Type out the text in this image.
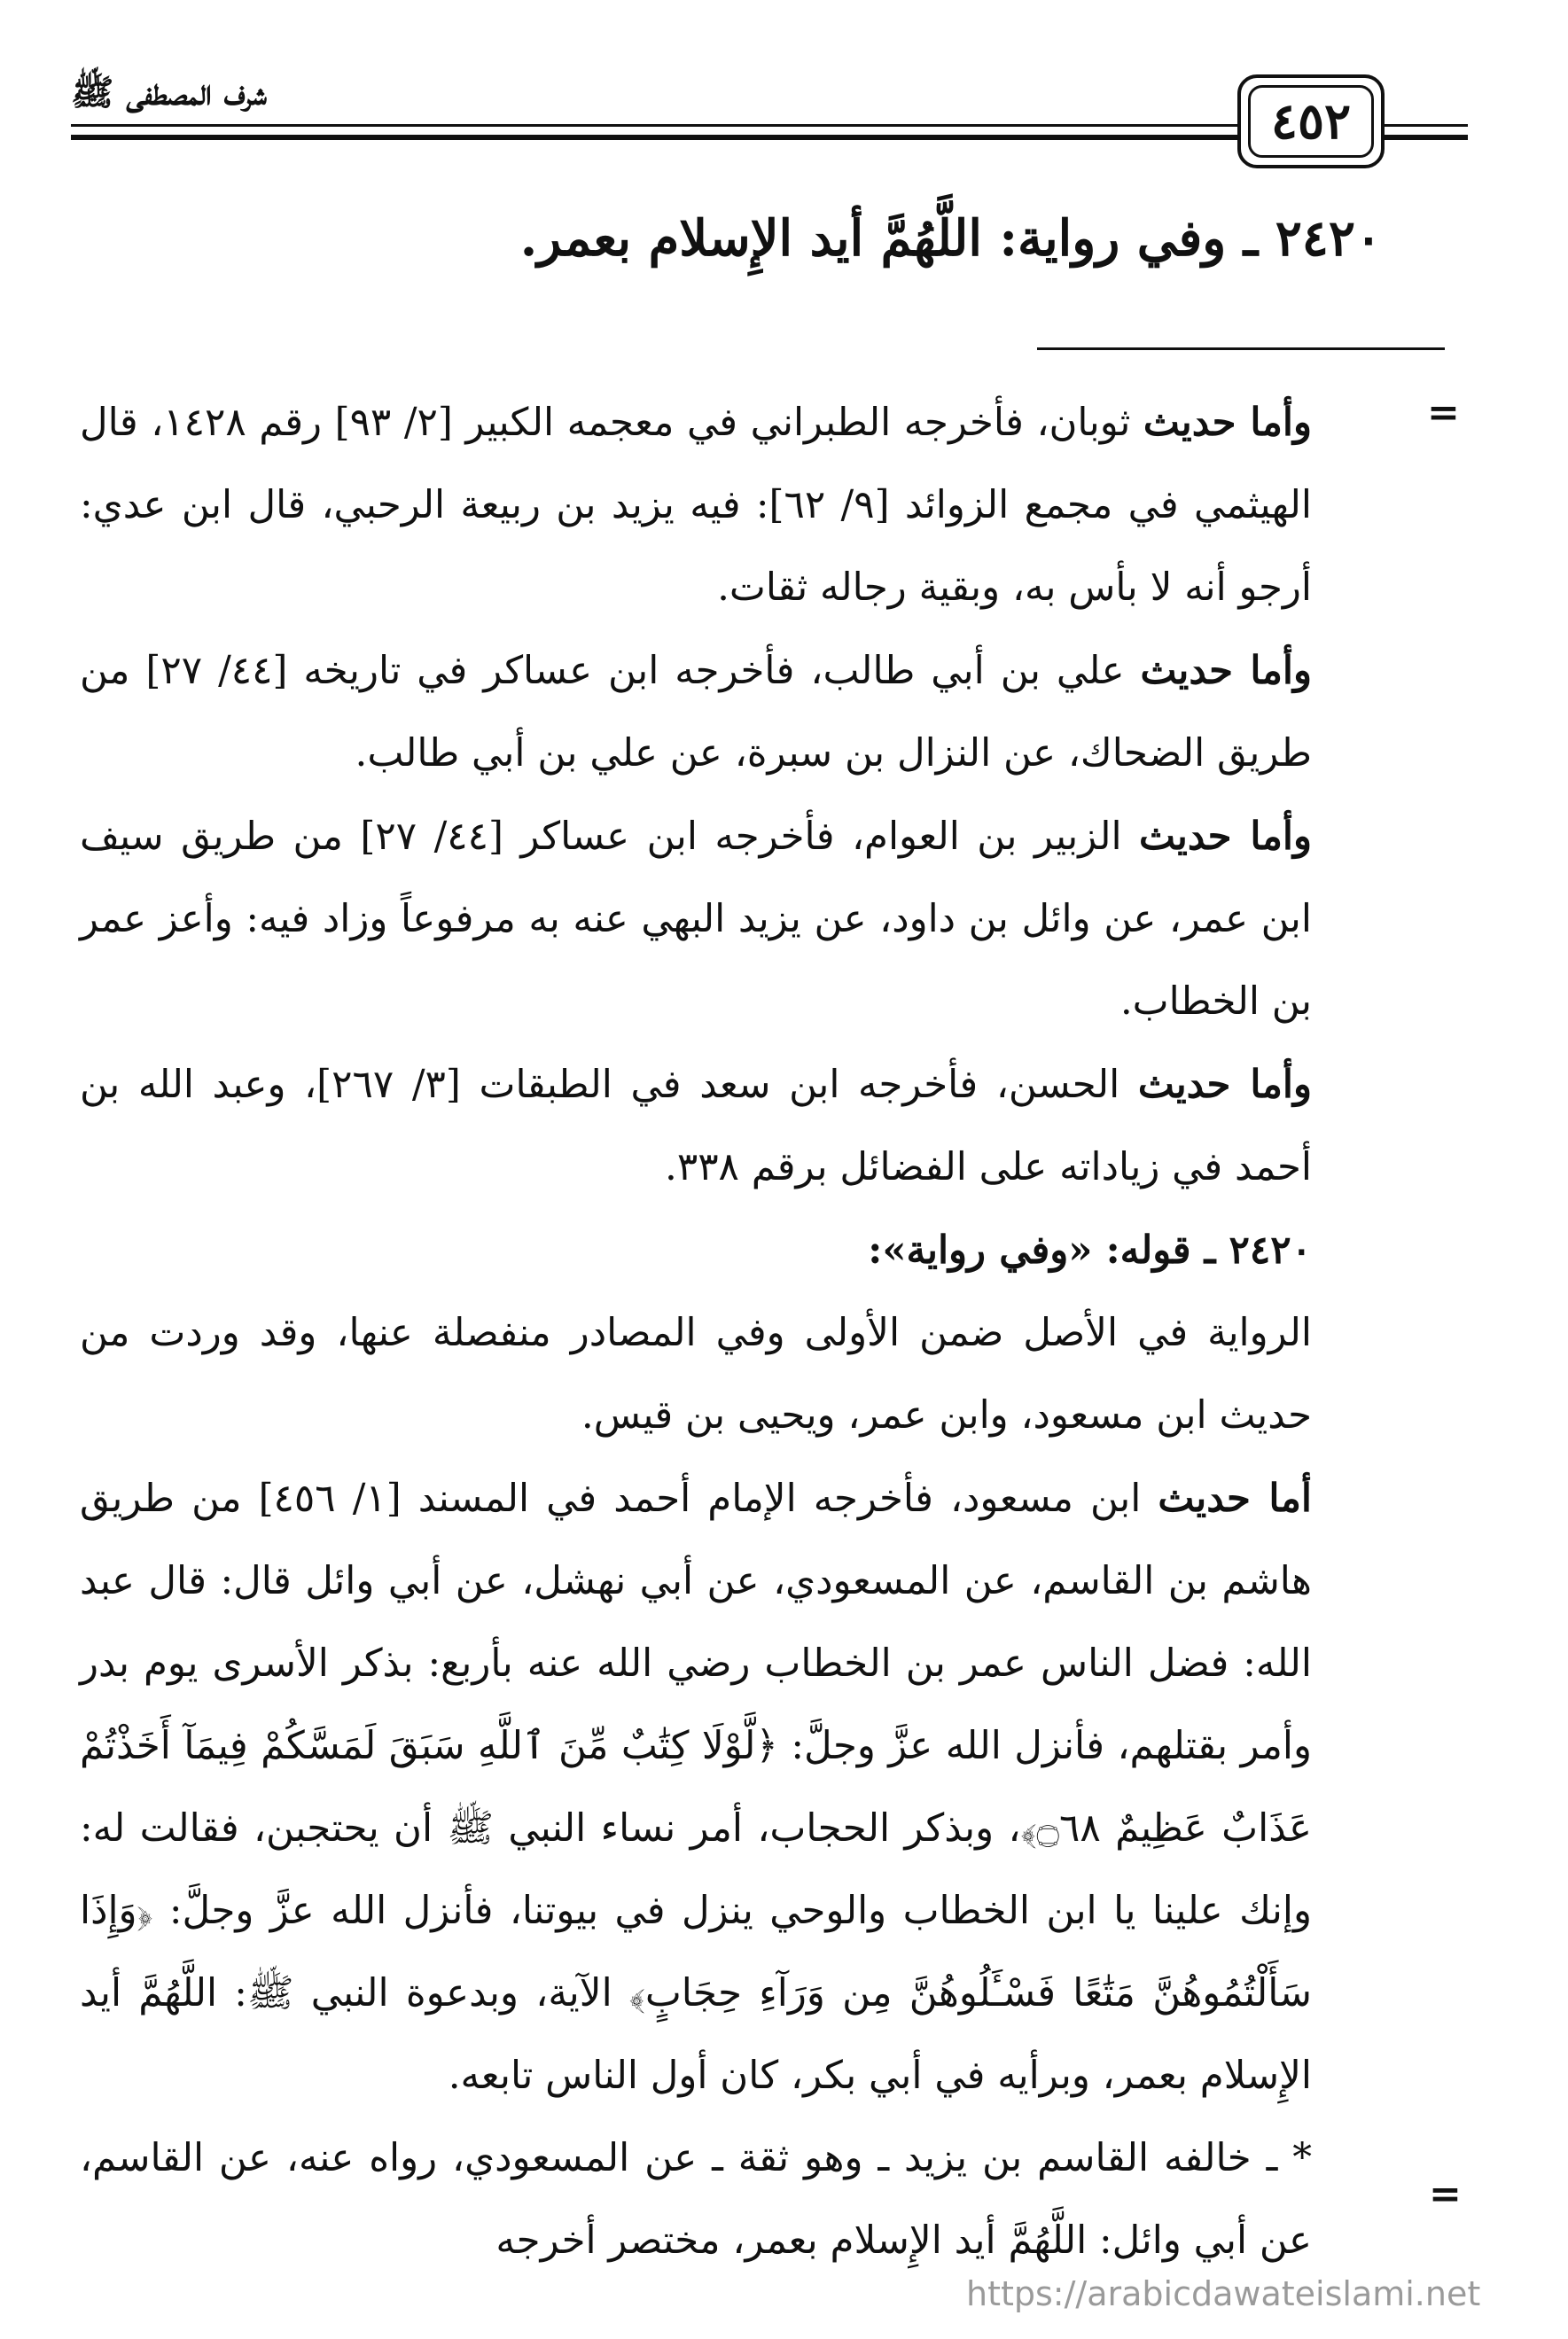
شرف المصطفى ﷺ	٤٥٢
٢٤٢٠ ـ وفي رواية: اللَّهُمَّ أيد الإِسلام بعمر.
=

وأما حديث ثوبان، فأخرجه الطبراني في معجمه الكبير [٢/ ٩٣] رقم ١٤٢٨، قال الهيثمي في مجمع الزوائد [٩/ ٦٢]: فيه يزيد بن ربيعة الرحبي، قال ابن عدي: أرجو أنه لا بأس به، وبقية رجاله ثقات.

وأما حديث علي بن أبي طالب، فأخرجه ابن عساكر في تاريخه [٤٤/ ٢٧] من طريق الضحاك، عن النزال بن سبرة، عن علي بن أبي طالب.

وأما حديث الزبير بن العوام، فأخرجه ابن عساكر [٤٤/ ٢٧] من طريق سيف ابن عمر، عن وائل بن داود، عن يزيد البهي عنه به مرفوعاً وزاد فيه: وأعز عمر بن الخطاب.

وأما حديث الحسن، فأخرجه ابن سعد في الطبقات [٣/ ٢٦٧]، وعبد الله بن أحمد في زياداته على الفضائل برقم ٣٣٨.

٢٤٢٠ ـ قوله: «وفي رواية»:

الرواية في الأصل ضمن الأولى وفي المصادر منفصلة عنها، وقد وردت من حديث ابن مسعود، وابن عمر، ويحيى بن قيس.

أما حديث ابن مسعود، فأخرجه الإمام أحمد في المسند [١/ ٤٥٦] من طريق هاشم بن القاسم، عن المسعودي، عن أبي نهشل، عن أبي وائل قال: قال عبد الله: فضل الناس عمر بن الخطاب رضي الله عنه بأربع: بذكر الأسرى يوم بدر وأمر بقتلهم، فأنزل الله عزَّ وجلَّ: ﴿لَّوْلَا كِتَٰبٌ مِّنَ ٱللَّهِ سَبَقَ لَمَسَّكُمْ فِيمَآ أَخَذْتُمْ عَذَابٌ عَظِيمٌ ۝٦٨﴾، وبذكر الحجاب، أمر نساء النبي ﷺ أن يحتجبن، فقالت له: وإنك علينا يا ابن الخطاب والوحي ينزل في بيوتنا، فأنزل الله عزَّ وجلَّ: ﴿وَإِذَا سَأَلْتُمُوهُنَّ مَتَٰعًا فَسْـَٔلُوهُنَّ مِن وَرَآءِ حِجَابٍ﴾ الآية، وبدعوة النبي ﷺ: اللَّهُمَّ أيد الإِسلام بعمر، وبرأيه في أبي بكر، كان أول الناس تابعه.

* ـ خالفه القاسم بن يزيد ـ وهو ثقة ـ عن المسعودي، رواه عنه، عن القاسم، عن أبي وائل: اللَّهُمَّ أيد الإِسلام بعمر، مختصر أخرجه

=
https://arabicdawateislami.net
